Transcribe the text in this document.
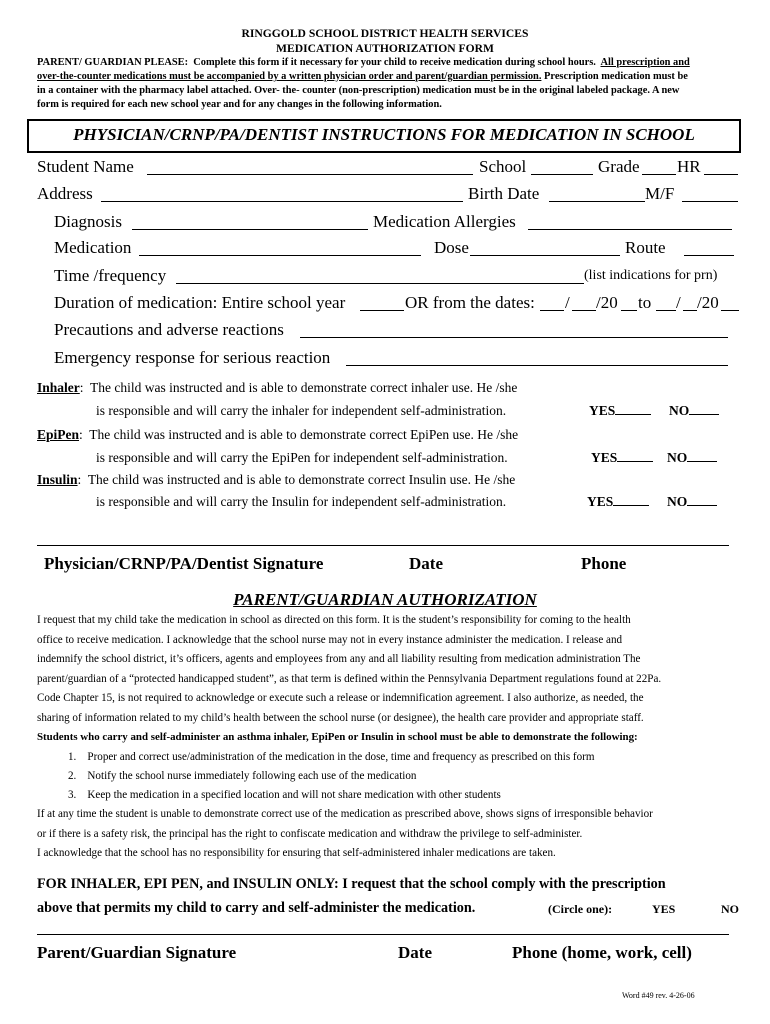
RINGGOLD SCHOOL DISTRICT HEALTH SERVICES
MEDICATION AUTHORIZATION FORM
PARENT/ GUARDIAN PLEASE: Complete this form if it necessary for your child to receive medication during school hours.  All prescription and
over-the-counter medications must be accompanied by a written physician order and parent/guardian permission. Prescription medication must be
in a container with the pharmacy label attached. Over- the- counter (non-prescription) medication must be in the original labeled package. A new
form is required for each new school year and for any changes in the following information.
PHYSICIAN/CRNP/PA/DENTIST INSTRUCTIONS FOR MEDICATION IN SCHOOL
Student Name	School	Grade HR
Address	Birth Date	M/F
Diagnosis	Medication Allergies
Medication	Dose	Route
Time /frequency	(list indications for prn)
Duration of medication: Entire school year	OR from the dates: / /20 to / /20
Precautions and adverse reactions
Emergency response for serious reaction
Inhaler:  The child was instructed and is able to demonstrate correct inhaler use. He /she
is responsible and will carry the inhaler for independent self-administration.	YES	NO
EpiPen:  The child was instructed and is able to demonstrate correct EpiPen use. He /she
is responsible and will carry the EpiPen for independent self-administration.	YES	NO
Insulin:  The child was instructed and is able to demonstrate correct Insulin use. He /she
is responsible and will carry the Insulin for independent self-administration.	YES	NO
Physician/CRNP/PA/Dentist Signature	Date	Phone
PARENT/GUARDIAN AUTHORIZATION
I request that my child take the medication in school as directed on this form. It is the student’s responsibility for coming to the health
office to receive medication. I acknowledge that the school nurse may not in every instance administer the medication. I release and
indemnify the school district, it’s officers, agents and employees from any and all liability resulting from medication administration The
parent/guardian of a “protected handicapped student”, as that term is defined within the Pennsylvania Department regulations found at 22Pa.
Code Chapter 15, is not required to acknowledge or execute such a release or indemnification agreement. I also authorize, as needed, the
sharing of information related to my child’s health between the school nurse (or designee), the health care provider and appropriate staff.
Students who carry and self-administer an asthma inhaler, EpiPen or Insulin in school must be able to demonstrate the following:
1. Proper and correct use/administration of the medication in the dose, time and frequency as prescribed on this form
2. Notify the school nurse immediately following each use of the medication
3. Keep the medication in a specified location and will not share medication with other students
If at any time the student is unable to demonstrate correct use of the medication as prescribed above, shows signs of irresponsible behavior
or if there is a safety risk, the principal has the right to confiscate medication and withdraw the privilege to self-administer.
I acknowledge that the school has no responsibility for ensuring that self-administered inhaler medications are taken.
FOR INHALER, EPI PEN, and INSULIN ONLY: I request that the school comply with the prescription
above that permits my child to carry and self-administer the medication.	(Circle one):	YES	NO
Parent/Guardian Signature	Date	Phone (home, work, cell)
Word #49 rev. 4-26-06
